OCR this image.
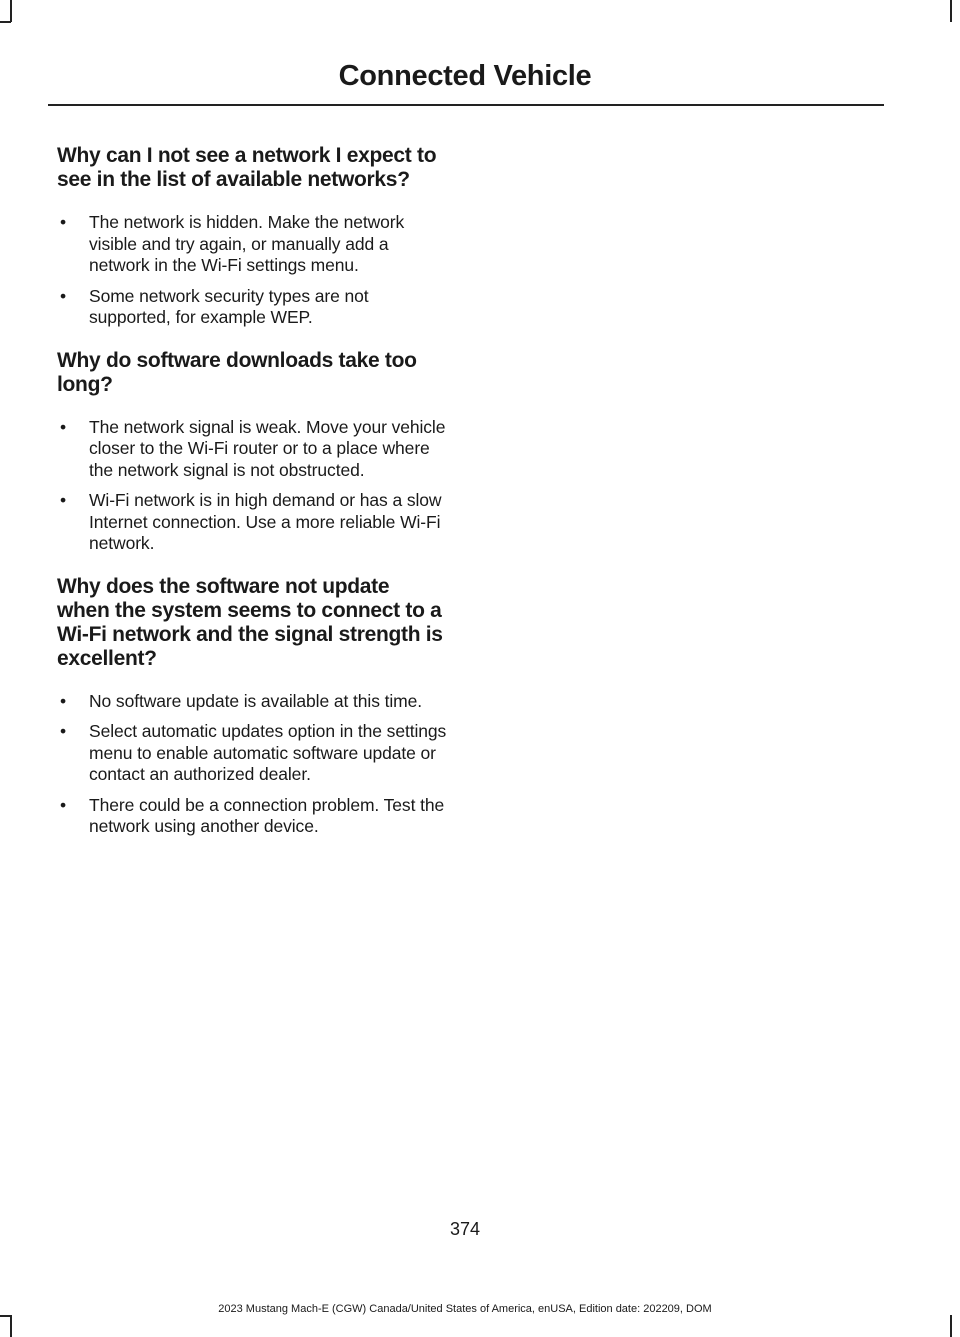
Connected Vehicle
Why can I not see a network I expect to see in the list of available networks?
• The network is hidden. Make the network visible and try again, or manually add a network in the Wi-Fi settings menu.
• Some network security types are not supported, for example WEP.
Why do software downloads take too long?
• The network signal is weak. Move your vehicle closer to the Wi-Fi router or to a place where the network signal is not obstructed.
• Wi-Fi network is in high demand or has a slow Internet connection. Use a more reliable Wi-Fi network.
Why does the software not update when the system seems to connect to a Wi-Fi network and the signal strength is excellent?
• No software update is available at this time.
• Select automatic updates option in the settings menu to enable automatic software update or contact an authorized dealer.
• There could be a connection problem. Test the network using another device.
374
2023 Mustang Mach-E (CGW) Canada/United States of America, enUSA, Edition date: 202209, DOM
